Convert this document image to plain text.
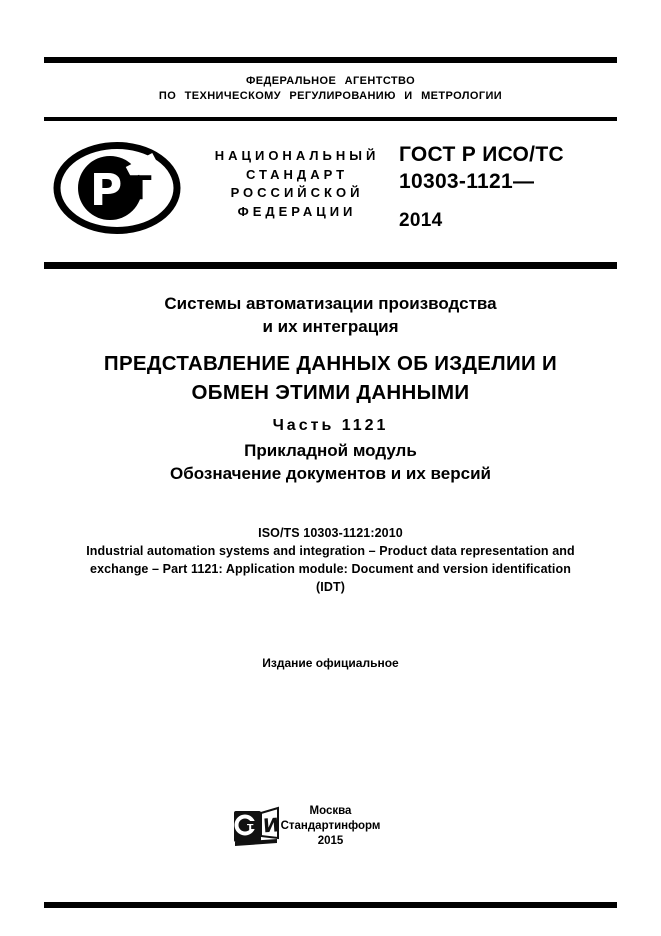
ФЕДЕРАЛЬНОЕ АГЕНТСТВО
ПО ТЕХНИЧЕСКОМУ РЕГУЛИРОВАНИЮ И МЕТРОЛОГИИ
Р т
НАЦИОНАЛЬНЫЙ
СТАНДАРТ
РОССИЙСКОЙ
ФЕДЕРАЦИИ
ГОСТ Р ИСО/ТС
10303-1121—
2014
Системы автоматизации производства
и их интеграция
ПРЕДСТАВЛЕНИЕ ДАННЫХ ОБ ИЗДЕЛИИ И
ОБМЕН ЭТИМИ ДАННЫМИ
Часть 1121
Прикладной модуль
Обозначение документов и их версий
ISO/TS 10303-1121:2010
Industrial automation systems and integration – Product data representation and
exchange – Part 1121: Application module: Document and version identification
(IDT)
Издание официальное
т И
Москва
Стандартинформ
2015
